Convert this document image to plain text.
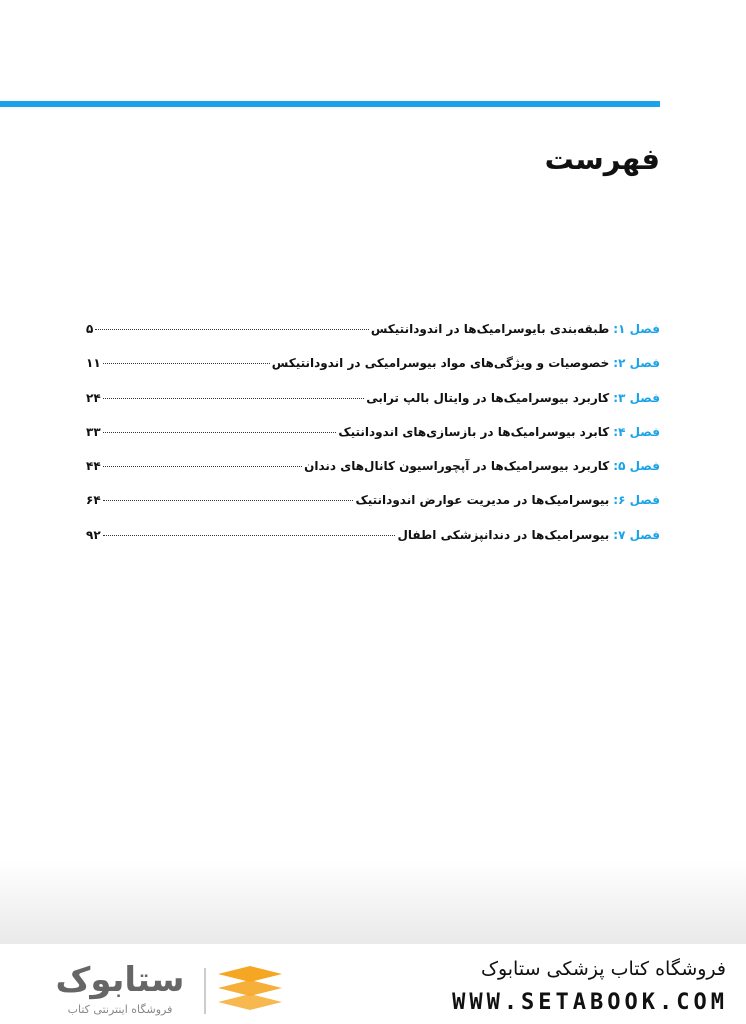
فهرست
فصل ۱:
طبقه‌بندی بایوسرامیک‌ها در اندودانتیکس
۵
فصل ۲:
خصوصیات و ویژگی‌های مواد بیوسرامیکی در اندودانتیکس
۱۱
فصل ۳:
کاربرد بیوسرامیک‌ها در وایتال بالپ ترابی
۲۴
فصل ۴:
کابرد بیوسرامیک‌ها در بازسازی‌های اندودانتیک
۳۳
فصل ۵:
کاربرد بیوسرامیک‌ها در آپچوراسیون کانال‌های دندان
۴۴
فصل ۶:
بیوسرامیک‌ها در مدیریت عوارض اندودانتیک
۶۴
فصل ۷:
بیوسرامیک‌ها در دندانپزشکی اطفال
۹۲
فروشگاه کتاب پزشکی ستابوک
WWW.SETABOOK.COM
ستابوک
فروشگاه اینترنتی کتاب
